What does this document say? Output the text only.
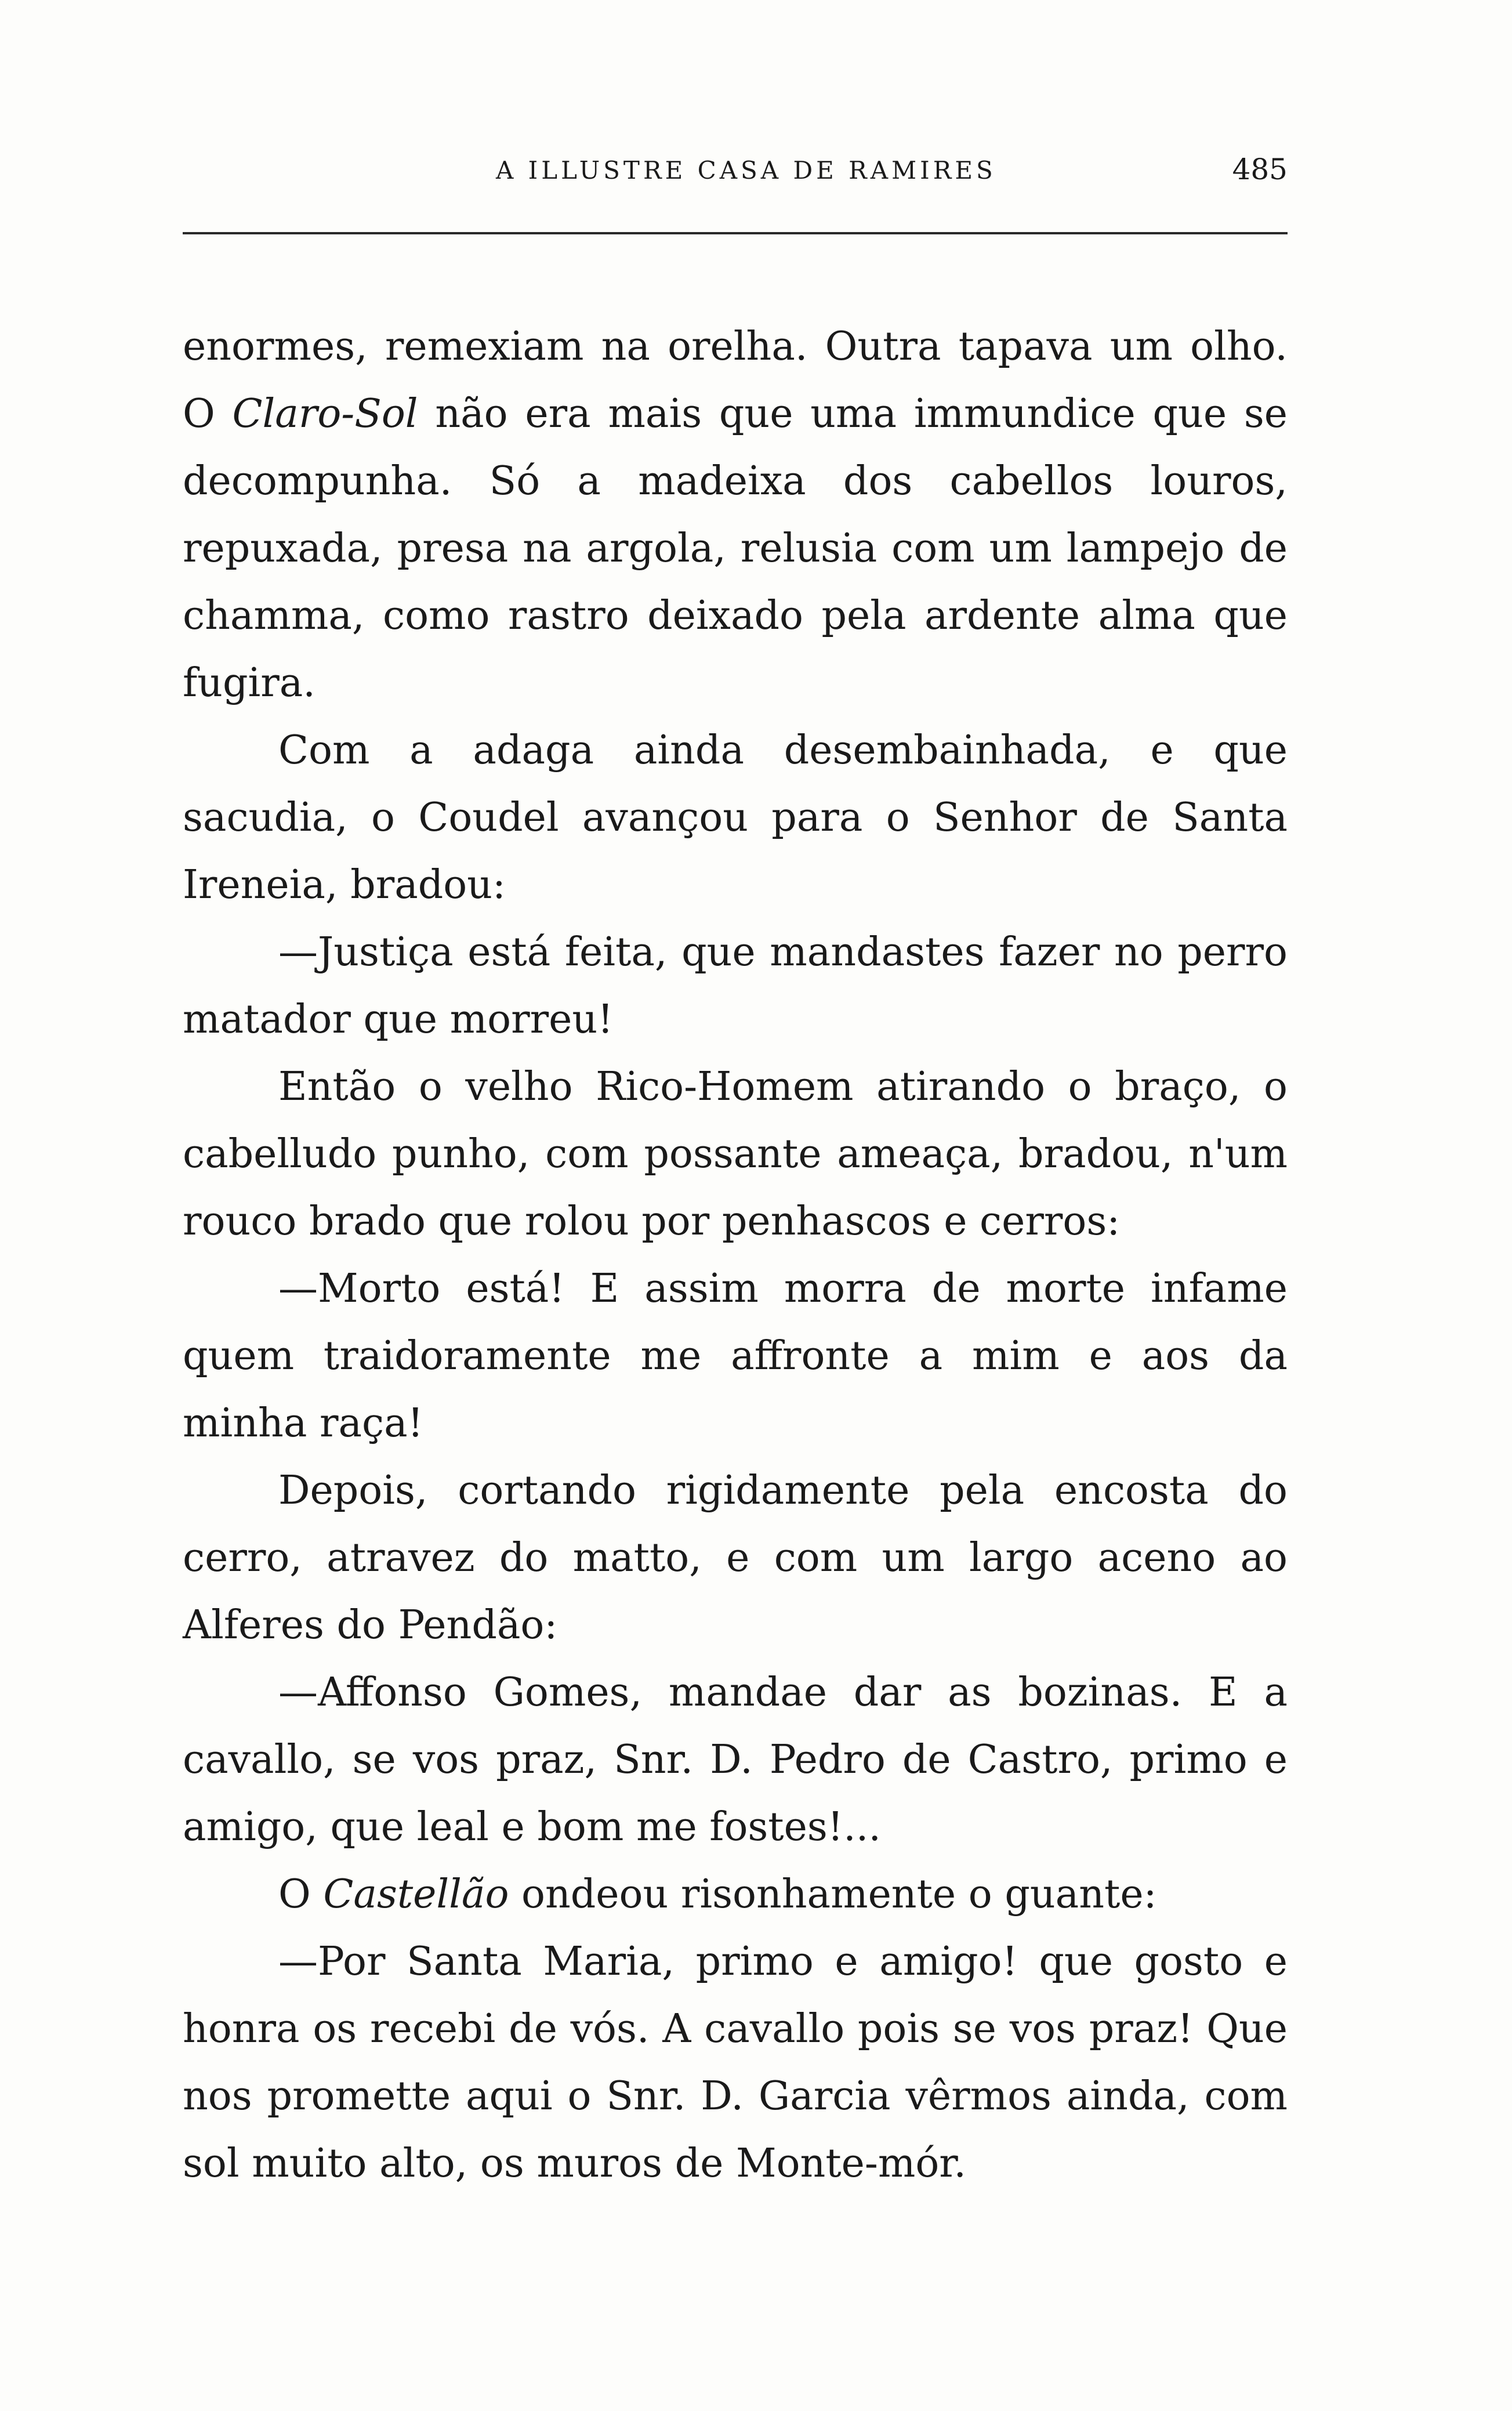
A ILLUSTRE CASA DE RAMIRES	485

enormes, remexiam na orelha. Outra tapava um olho. O Claro-Sol não era mais que uma immundice que se decompunha. Só a madeixa dos cabellos louros, repuxada, presa na argola, relusia com um lampejo de chamma, como rastro deixado pela ardente alma que fugira.

Com a adaga ainda desembainhada, e que sacudia, o Coudel avançou para o Senhor de Santa Ireneia, bradou:

—Justiça está feita, que mandastes fazer no perro matador que morreu!

Então o velho Rico-Homem atirando o braço, o cabelludo punho, com possante ameaça, bradou, n'um rouco brado que rolou por penhascos e cerros:

—Morto está! E assim morra de morte infame quem traidoramente me affronte a mim e aos da minha raça!

Depois, cortando rigidamente pela encosta do cerro, atravez do matto, e com um largo aceno ao Alferes do Pendão:

—Affonso Gomes, mandae dar as bozinas. E a cavallo, se vos praz, Snr. D. Pedro de Castro, primo e amigo, que leal e bom me fostes!...

O Castellão ondeou risonhamente o guante:

—Por Santa Maria, primo e amigo! que gosto e honra os recebi de vós. A cavallo pois se vos praz! Que nos promette aqui o Snr. D. Garcia vêrmos ainda, com sol muito alto, os muros de Monte-mór.
